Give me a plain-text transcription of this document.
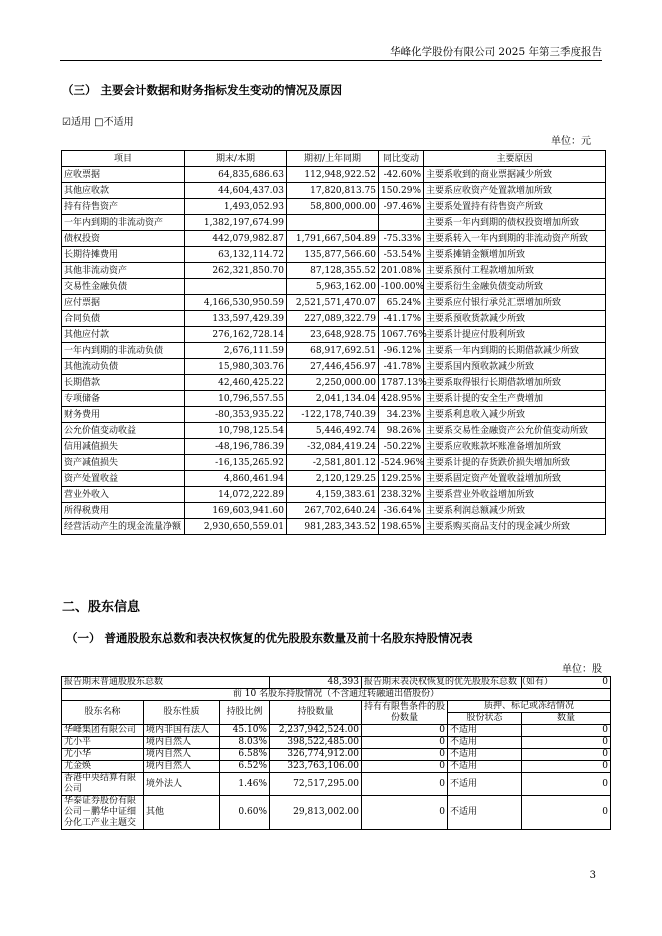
华峰化学股份有限公司 2025 年第三季度报告
（三） 主要会计数据和财务指标发生变动的情况及原因
☑适用 □不适用
单位：元
项目	期末/本期	期初/上年同期	同比变动	主要原因
应收票据	64,835,686.63	112,948,922.52	-42.60%	主要系收到的商业票据减少所致
其他应收款	44,604,437.03	17,820,813.75	150.29%	主要系应收资产处置款增加所致
持有待售资产	1,493,052.93	58,800,000.00	-97.46%	主要系处置持有待售资产所致
一年内到期的非流动资产	1,382,197,674.99			主要系一年内到期的债权投资增加所致
债权投资	442,079,982.87	1,791,667,504.89	-75.33%	主要系转入一年内到期的非流动资产所致
长期待摊费用	63,132,114.72	135,877,566.60	-53.54%	主要系摊销金额增加所致
其他非流动资产	262,321,850.70	87,128,355.52	201.08%	主要系预付工程款增加所致
交易性金融负债		5,963,162.00	-100.00%	主要系衍生金融负债变动所致
应付票据	4,166,530,950.59	2,521,571,470.07	65.24%	主要系应付银行承兑汇票增加所致
合同负债	133,597,429.39	227,089,322.79	-41.17%	主要系预收货款减少所致
其他应付款	276,162,728.14	23,648,928.75	1067.76%	主要系计提应付股利所致
一年内到期的非流动负债	2,676,111.59	68,917,692.51	-96.12%	主要系一年内到期的长期借款减少所致
其他流动负债	15,980,303.76	27,446,456.97	-41.78%	主要系国内预收款减少所致
长期借款	42,460,425.22	2,250,000.00	1787.13%	主要系取得银行长期借款增加所致
专项储备	10,796,557.55	2,041,134.04	428.95%	主要系计提的安全生产费增加
财务费用	-80,353,935.22	-122,178,740.39	34.23%	主要系利息收入减少所致
公允价值变动收益	10,798,125.54	5,446,492.74	98.26%	主要系交易性金融资产公允价值变动所致
信用减值损失	-48,196,786.39	-32,084,419.24	-50.22%	主要系应收账款坏账准备增加所致
资产减值损失	-16,135,265.92	-2,581,801.12	-524.96%	主要系计提的存货跌价损失增加所致
资产处置收益	4,860,461.94	2,120,129.25	129.25%	主要系固定资产处置收益增加所致
营业外收入	14,072,222.89	4,159,383.61	238.32%	主要系营业外收益增加所致
所得税费用	169,603,941.60	267,702,640.24	-36.64%	主要系利润总额减少所致
经营活动产生的现金流量净额	2,930,650,559.01	981,283,343.52	198.65%	主要系购买商品支付的现金减少所致
二、股东信息
（一） 普通股股东总数和表决权恢复的优先股股东数量及前十名股东持股情况表
单位：股
报告期末普通股股东总数			48,393	报告期末表决权恢复的优先股股东总数（如有）		0
前 10 名股东持股情况（不含通过转融通出借股份）						
股东名称	股东性质	持股比例	持股数量	持有有限售条件的股份数量	质押、标记或冻结情况	
					股份状态	数量
华峰集团有限公司	境内非国有法人	45.10%	2,237,942,524.00	0	不适用	0
尤小平	境内自然人	8.03%	398,522,485.00	0	不适用	0
尤小华	境内自然人	6.58%	326,774,912.00	0	不适用	0
尤金焕	境内自然人	6.52%	323,763,106.00	0	不适用	0
香港中央结算有限公司	境外法人	1.46%	72,517,295.00	0	不适用	0
华泰证券股份有限公司－鹏华中证细分化工产业主题交	其他	0.60%	29,813,002.00	0	不适用	0
3
